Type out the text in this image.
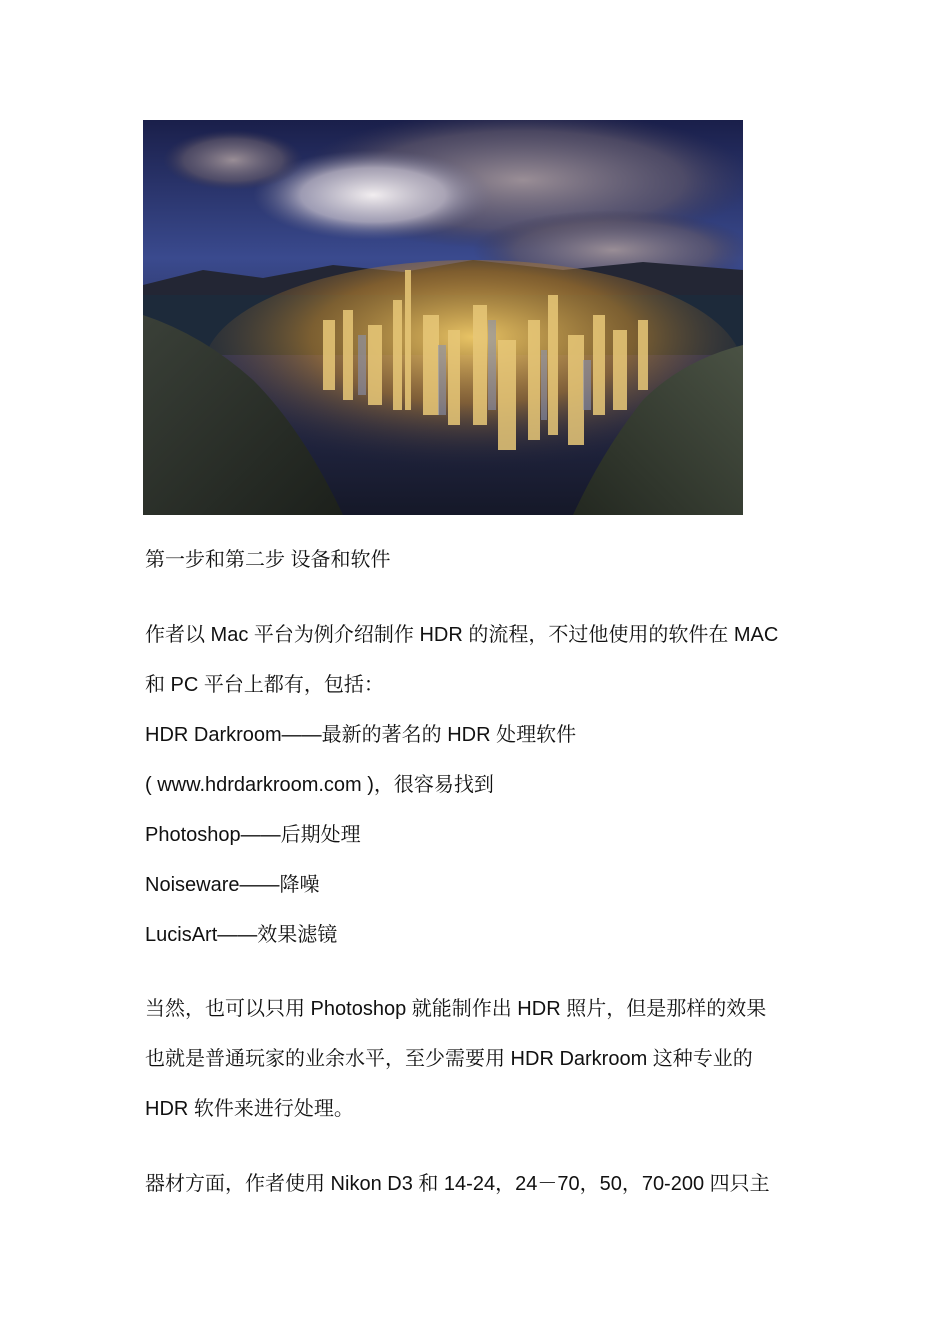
第一步和第二步 设备和软件
作者以 Mac 平台为例介绍制作 HDR 的流程，不过他使用的软件在 MAC
和 PC 平台上都有，包括：
HDR Darkroom——最新的著名的 HDR 处理软件
( www.hdrdarkroom.com )，很容易找到
Photoshop——后期处理
Noiseware——降噪
LucisArt——效果滤镜
当然，也可以只用 Photoshop 就能制作出 HDR 照片，但是那样的效果
也就是普通玩家的业余水平，至少需要用 HDR Darkroom 这种专业的
HDR 软件来进行处理。
器材方面，作者使用 Nikon D3 和 14-24，24－70，50，70-200 四只主
